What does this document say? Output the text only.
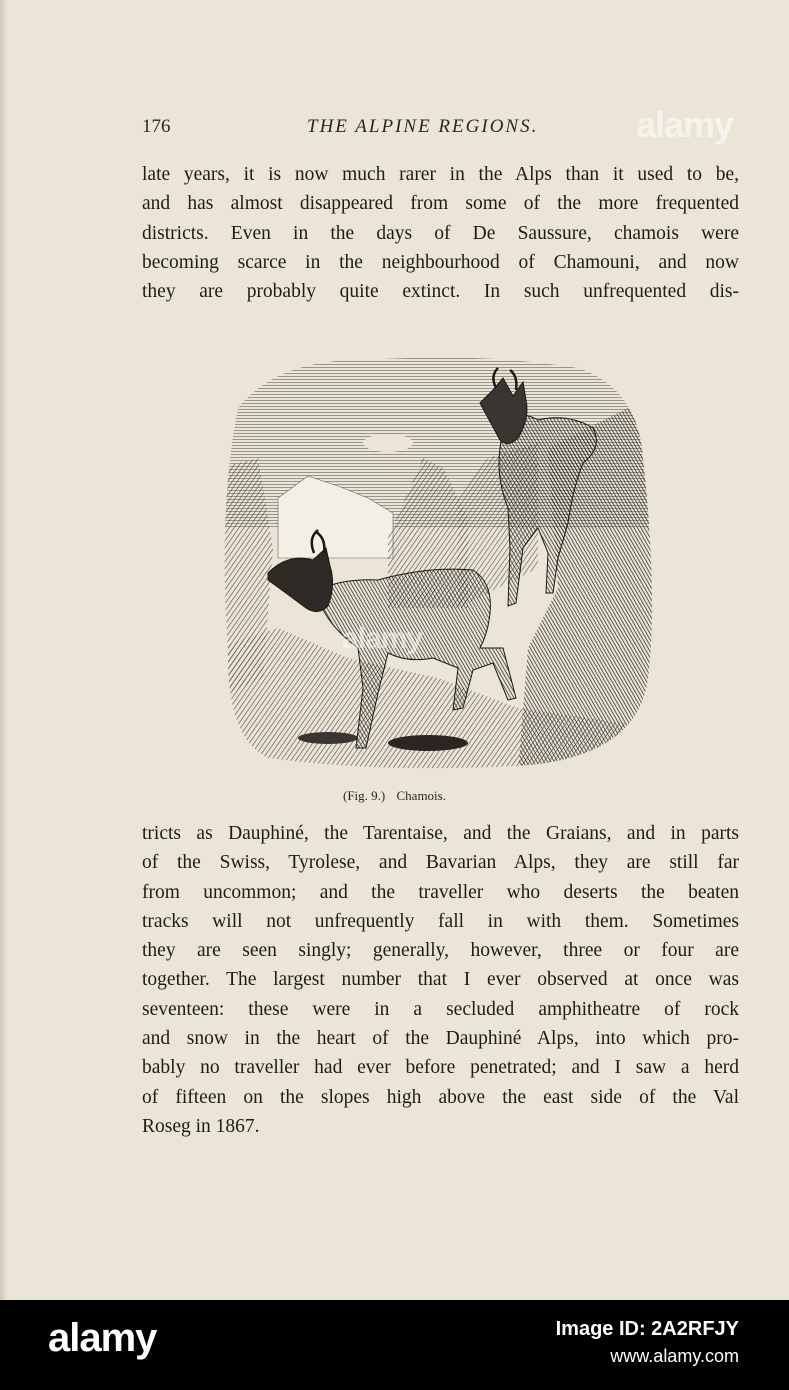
alamy
176	THE ALPINE REGIONS.
late years, it is now much rarer in the Alps than it used to be,
and has almost disappeared from some of the more frequented
districts. Even in the days of De Saussure, chamois were
becoming scarce in the neighbourhood of Chamouni, and now
they are probably quite extinct. In such unfrequented dis-
alamy
(Fig. 9.) Chamois.
tricts as Dauphiné, the Tarentaise, and the Graians, and in parts
of the Swiss, Tyrolese, and Bavarian Alps, they are still far
from uncommon; and the traveller who deserts the beaten
tracks will not unfrequently fall in with them. Sometimes
they are seen singly; generally, however, three or four are
together. The largest number that I ever observed at once was
seventeen: these were in a secluded amphitheatre of rock
and snow in the heart of the Dauphiné Alps, into which pro-
bably no traveller had ever before penetrated; and I saw a herd
of fifteen on the slopes high above the east side of the Val
Roseg in 1867.
alamy	Image ID: 2A2RFJY
www.alamy.com
